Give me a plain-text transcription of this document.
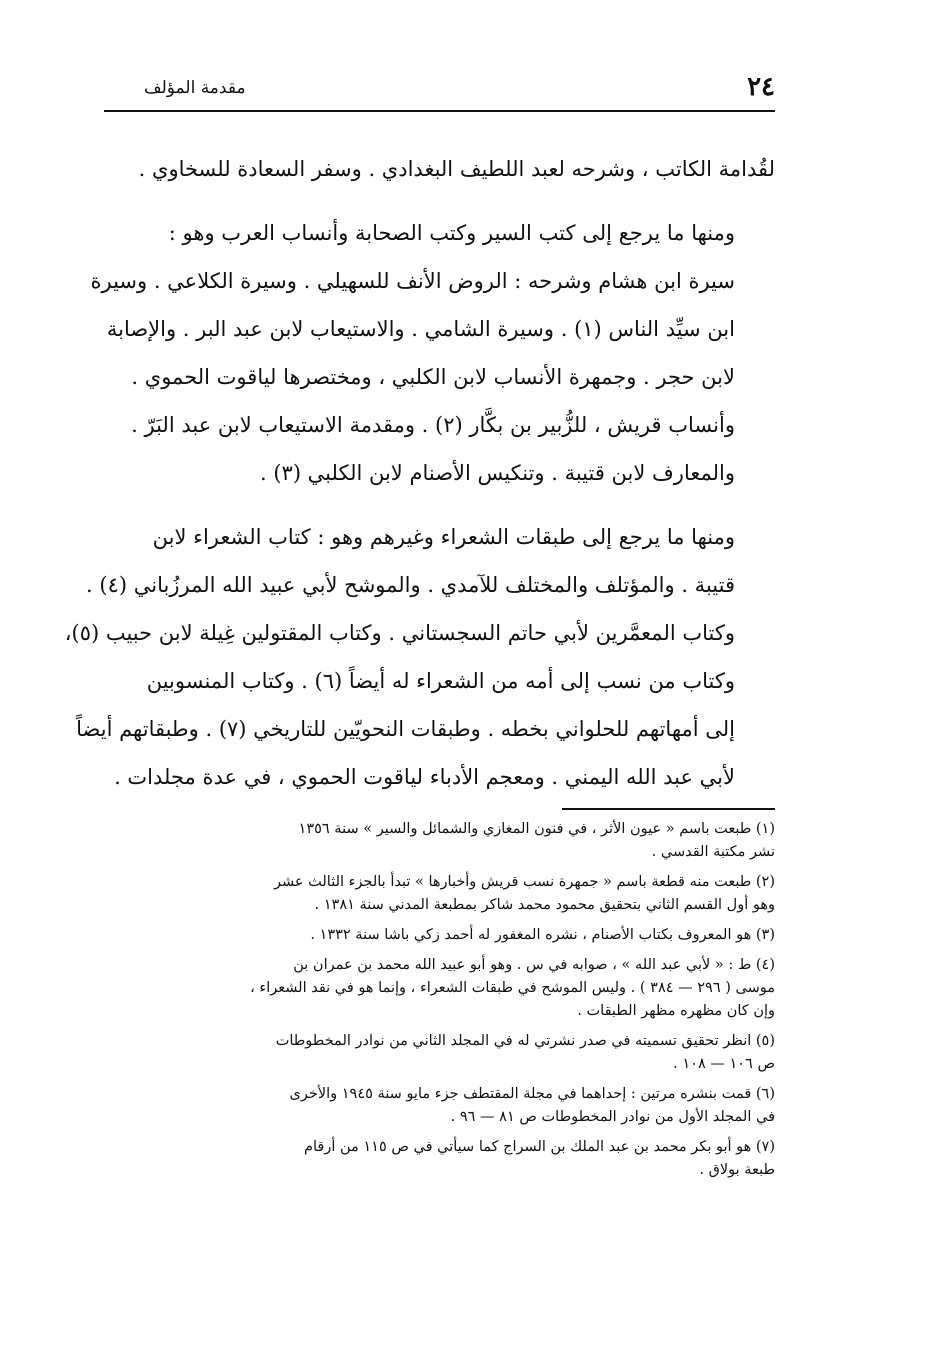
٢٤
مقدمة المؤلف

لقُدامة الكاتب ، وشرحه لعبد اللطيف البغدادي . وسفر السعادة للسخاوي .

ومنها ما يرجع إلى كتب السير وكتب الصحابة وأنساب العرب وهو :
سيرة ابن هشام وشرحه : الروض الأنف للسهيلي . وسيرة الكلاعي . وسيرة
ابن سيِّد الناس (١) . وسيرة الشامي . والاستيعاب لابن عبد البر . والإصابة
لابن حجر . وجمهرة الأنساب لابن الكلبي ، ومختصرها لياقوت الحموي .
وأنساب قريش ، للزُّبير بن بكَّار (٢) . ومقدمة الاستيعاب لابن عبد البَرّ .
والمعارف لابن قتيبة . وتنكيس الأصنام لابن الكلبي (٣) .

ومنها ما يرجع إلى طبقات الشعراء وغيرهم وهو : كتاب الشعراء لابن
قتيبة . والمؤتلف والمختلف للآمدي . والموشح لأبي عبيد الله المرزُباني (٤) .
وكتاب المعمَّرين لأبي حاتم السجستاني . وكتاب المقتولين غِيلة لابن حبيب (٥)،
وكتاب من نسب إلى أمه من الشعراء له أيضاً (٦) . وكتاب المنسوبين
إلى أمهاتهم للحلواني بخطه . وطبقات النحويّين للتاريخي (٧) . وطبقاتهم أيضاً
لأبي عبد الله اليمني . ومعجم الأدباء لياقوت الحموي ، في عدة مجلدات .

(١) طبعت باسم « عيون الأثر ، في فنون المغازي والشمائل والسير » سنة ١٣٥٦
نشر مكتبة القدسي .
(٢) طبعت منه قطعة باسم « جمهرة نسب قريش وأخبارها » تبدأ بالجزء الثالث عشر
وهو أول القسم الثاني بتحقيق محمود محمد شاكر بمطبعة المدني سنة ١٣٨١ .
(٣) هو المعروف بكتاب الأصنام ، نشره المغفور له أحمد زكي باشا سنة ١٣٣٢ .
(٤) ط : « لأبي عبد الله » ، صوابه في س . وهو أبو عبيد الله محمد بن عمران بن
موسى ( ٢٩٦ — ٣٨٤ ) . وليس الموشح في طبقات الشعراء ، وإنما هو في نقد الشعراء ،
وإن كان مظهره مظهر الطبقات .
(٥) انظر تحقيق تسميته في صدر نشرتي له في المجلد الثاني من نوادر المخطوطات
ص ١٠٦ — ١٠٨ .
(٦) قمت بنشره مرتين : إحداهما في مجلة المقتطف جزء مايو سنة ١٩٤٥ والأخرى
في المجلد الأول من نوادر المخطوطات ص ٨١ — ٩٦ .
(٧) هو أبو بكر محمد بن عبد الملك بن السراج كما سيأتي في ص ١١٥ من أرقام
طبعة بولاق .
